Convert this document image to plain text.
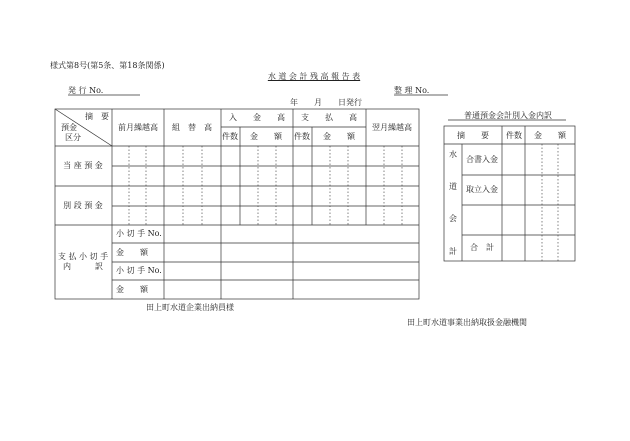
様式第8号(第5条、第18条関係)
水 道 会 計 残 高 報 告 表
発 行 No.	整 理 No.
年　　月　　日発行
摘　要
預金
区分
前月繰越高 組　替　高
入　　金　　高 支　　払　　高
翌月繰越高
件数 金　　額 件数 金　　額
当 座 預 金
別 段 預 金
支 払 小 切 手
内　　　訳
小 切 手 No.
金　　額
小 切 手 No.
金　　額
普通預金会計別入金内訳
摘　　要 件数 金　　額
水
道
会
計
合書入金
取立入金
合　計
田上町水道企業出納員様
田上町水道事業出納取扱金融機関
